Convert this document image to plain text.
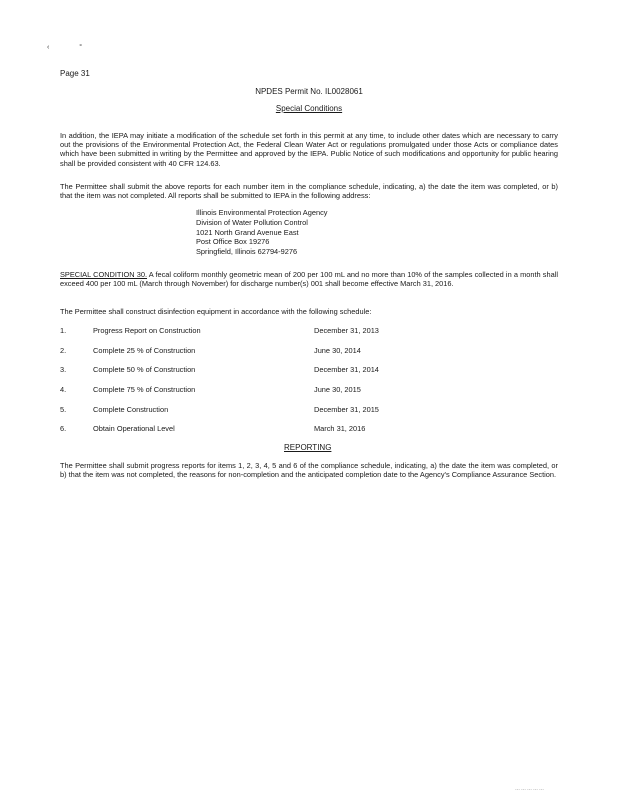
‹ °
Page 31
NPDES Permit No. IL0028061
Special Conditions
In addition, the IEPA may initiate a modification of the schedule set forth in this permit at any time, to include other dates which are necessary to carry out the provisions of the Environmental Protection Act, the Federal Clean Water Act or regulations promulgated under those Acts or compliance dates which have been submitted in writing by the Permittee and approved by the IEPA. Public Notice of such modifications and opportunity for public hearing shall be provided consistent with 40 CFR 124.63.
The Permittee shall submit the above reports for each number item in the compliance schedule, indicating, a) the date the item was completed, or b) that the item was not completed. All reports shall be submitted to IEPA in the following address:
Illinois Environmental Protection Agency
Division of Water Pollution Control
1021 North Grand Avenue East
Post Office Box 19276
Springfield, Illinois 62794-9276
SPECIAL CONDITION 30. A fecal coliform monthly geometric mean of 200 per 100 mL and no more than 10% of the samples collected in a month shall exceed 400 per 100 mL (March through November) for discharge number(s) 001 shall become effective March 31, 2016.
The Permittee shall construct disinfection equipment in accordance with the following schedule:
1.	Progress Report on Construction	December 31, 2013
2.	Complete 25 % of Construction	June 30, 2014
3.	Complete 50 % of Construction	December 31, 2014
4.	Complete 75 % of Construction	June 30, 2015
5.	Complete Construction	December 31, 2015
6.	Obtain Operational Level	March 31, 2016
REPORTING
The Permittee shall submit progress reports for items 1, 2, 3, 4, 5 and 6 of the compliance schedule, indicating, a) the date the item was completed, or b) that the item was not completed, the reasons for non-completion and the anticipated completion date to the Agency's Compliance Assurance Section.
……………
